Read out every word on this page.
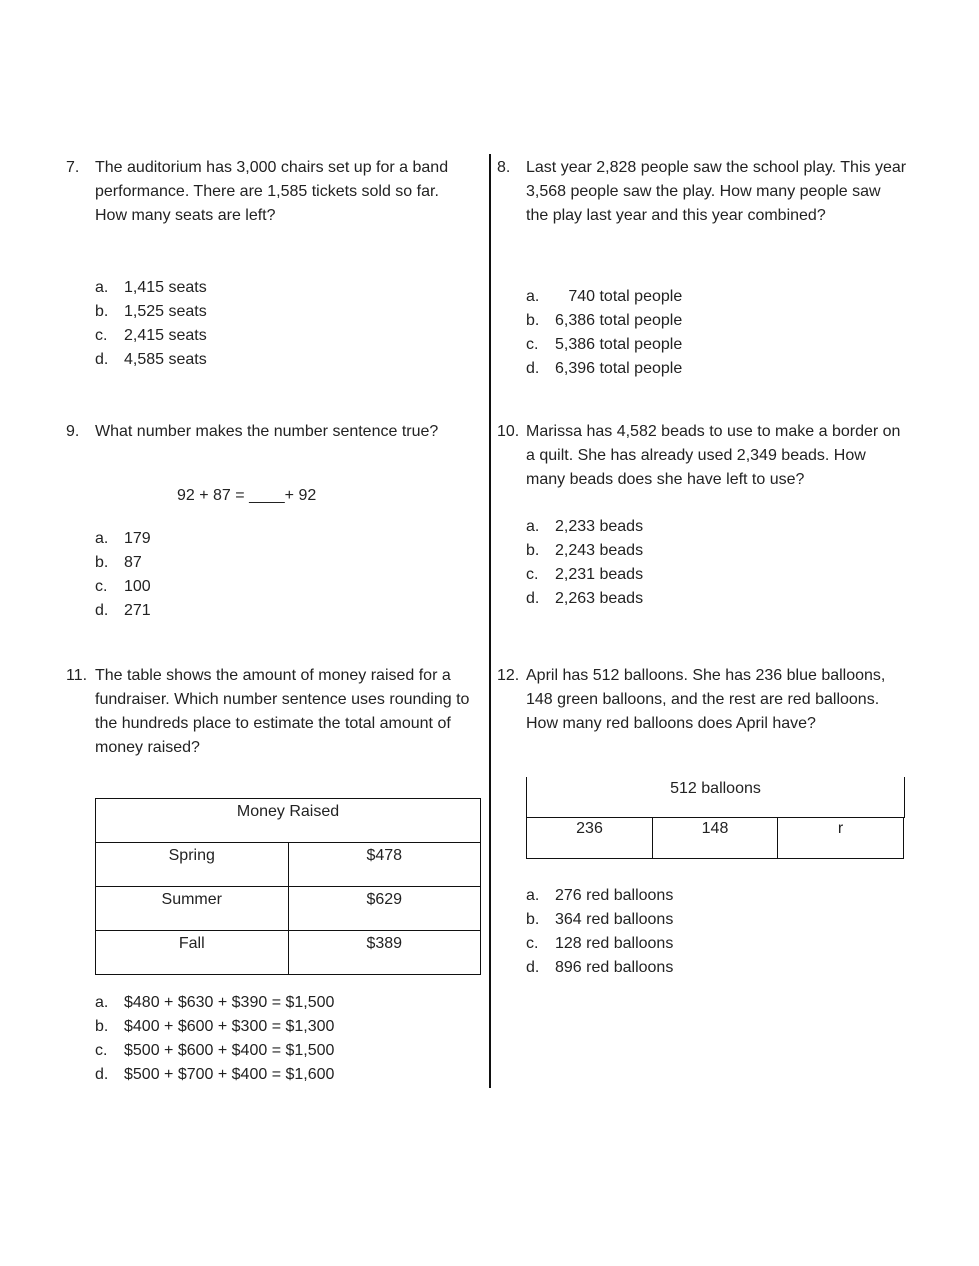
7. The auditorium has 3,000 chairs set up for a band
performance. There are 1,585 tickets sold so far.
How many seats are left?
a. 1,415 seats
b. 1,525 seats
c. 2,415 seats
d. 4,585 seats
8. Last year 2,828 people saw the school play. This year
3,568 people saw the play. How many people saw
the play last year and this year combined?
a. 740 total people
b. 6,386 total people
c. 5,386 total people
d. 6,396 total people
9. What number makes the number sentence true?
92 + 87 = ____+ 92
a. 179
b. 87
c. 100
d. 271
10. Marissa has 4,582 beads to use to make a border on
a quilt. She has already used 2,349 beads. How
many beads does she have left to use?
a. 2,233 beads
b. 2,243 beads
c. 2,231 beads
d. 2,263 beads
11. The table shows the amount of money raised for a
fundraiser. Which number sentence uses rounding to
the hundreds place to estimate the total amount of
money raised?
Money Raised	
Spring	$478
Summer	$629
Fall	$389
a. $480 + $630 + $390 = $1,500
b. $400 + $600 + $300 = $1,300
c. $500 + $600 + $400 = $1,500
d. $500 + $700 + $400 = $1,600
12. April has 512 balloons. She has 236 blue balloons,
148 green balloons, and the rest are red balloons.
How many red balloons does April have?
512 balloons
236	148	r
a. 276 red balloons
b. 364 red balloons
c. 128 red balloons
d. 896 red balloons
